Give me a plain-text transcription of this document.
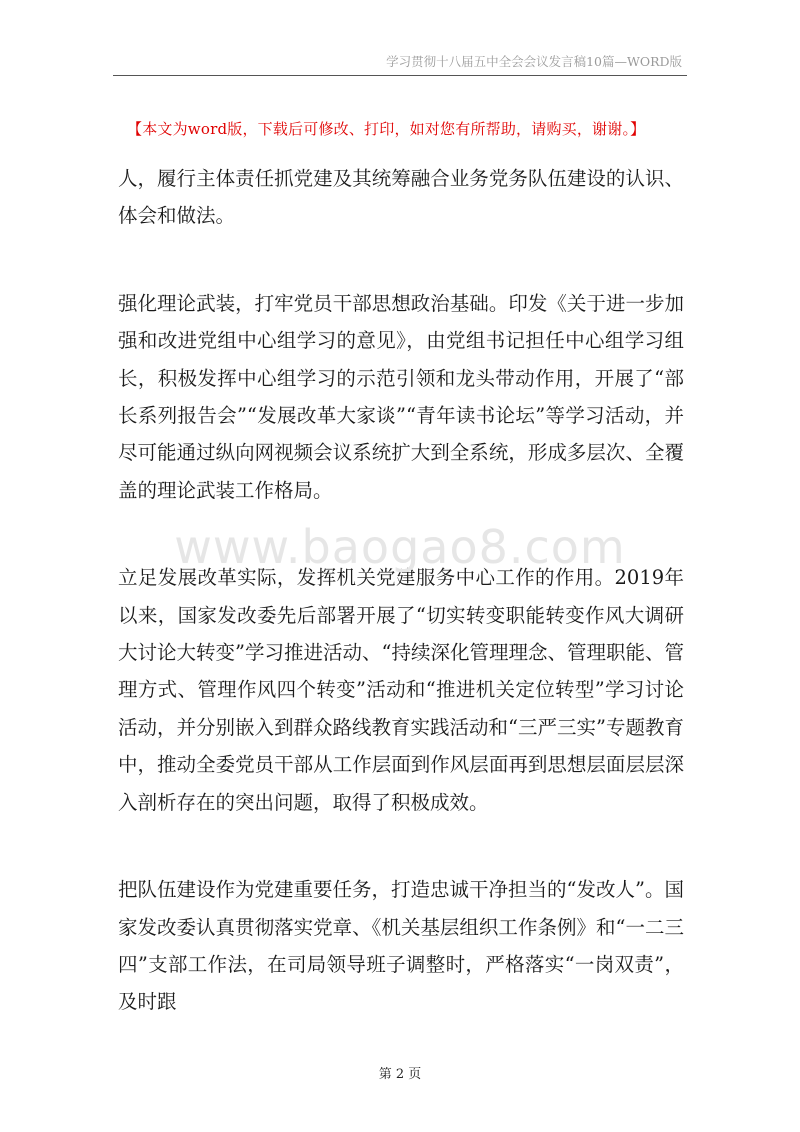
学习贯彻十八届五中全会会议发言稿10篇—WORD版
【本文为word版，下载后可修改、打印，如对您有所帮助，请购买，谢谢。】

人，履行主体责任抓党建及其统筹融合业务党务队伍建设的认识、体会和做法。

强化理论武装，打牢党员干部思想政治基础。印发《关于进一步加强和改进党组中心组学习的意见》，由党组书记担任中心组学习组长，积极发挥中心组学习的示范引领和龙头带动作用，开展了“部长系列报告会”“发展改革大家谈”“青年读书论坛”等学习活动，并尽可能通过纵向网视频会议系统扩大到全系统，形成多层次、全覆盖的理论武装工作格局。

立足发展改革实际，发挥机关党建服务中心工作的作用。2019年以来，国家发改委先后部署开展了“切实转变职能转变作风大调研大讨论大转变”学习推进活动、“持续深化管理理念、管理职能、管理方式、管理作风四个转变”活动和“推进机关定位转型”学习讨论活动，并分别嵌入到群众路线教育实践活动和“三严三实”专题教育中，推动全委党员干部从工作层面到作风层面再到思想层面层层深入剖析存在的突出问题，取得了积极成效。

把队伍建设作为党建重要任务，打造忠诚干净担当的“发改人”。国家发改委认真贯彻落实党章、《机关基层组织工作条例》和“一二三四”支部工作法，在司局领导班子调整时，严格落实“一岗双责”，及时跟

www.baogao8.com
第 2 页
